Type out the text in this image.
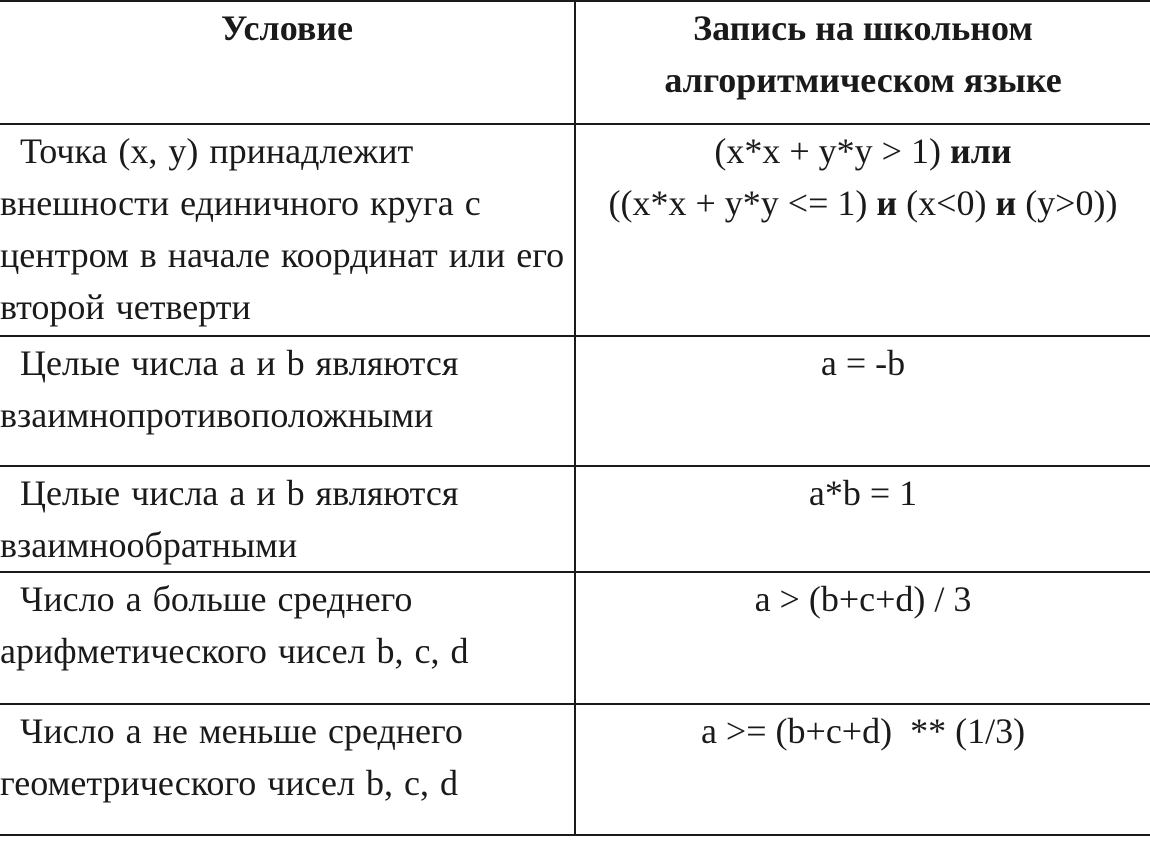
Условие	Запись на школьном
алгоритмическом языке

Точка (x, y) принадлежит внешности единичного круга с центром в начале координат или его второй четверти	(x*x + y*y > 1) или
((x*x + y*y <= 1) и (x<0) и (y>0))

Целые числа a и b являются взаимнопротивоположными	a = -b

Целые числа a и b являются взаимнообратными	a*b = 1

Число a больше среднего арифметического чисел b, c, d	a > (b+c+d) / 3

Число a не меньше среднего геометрического чисел b, c, d	a >= (b+c+d)  ** (1/3)
